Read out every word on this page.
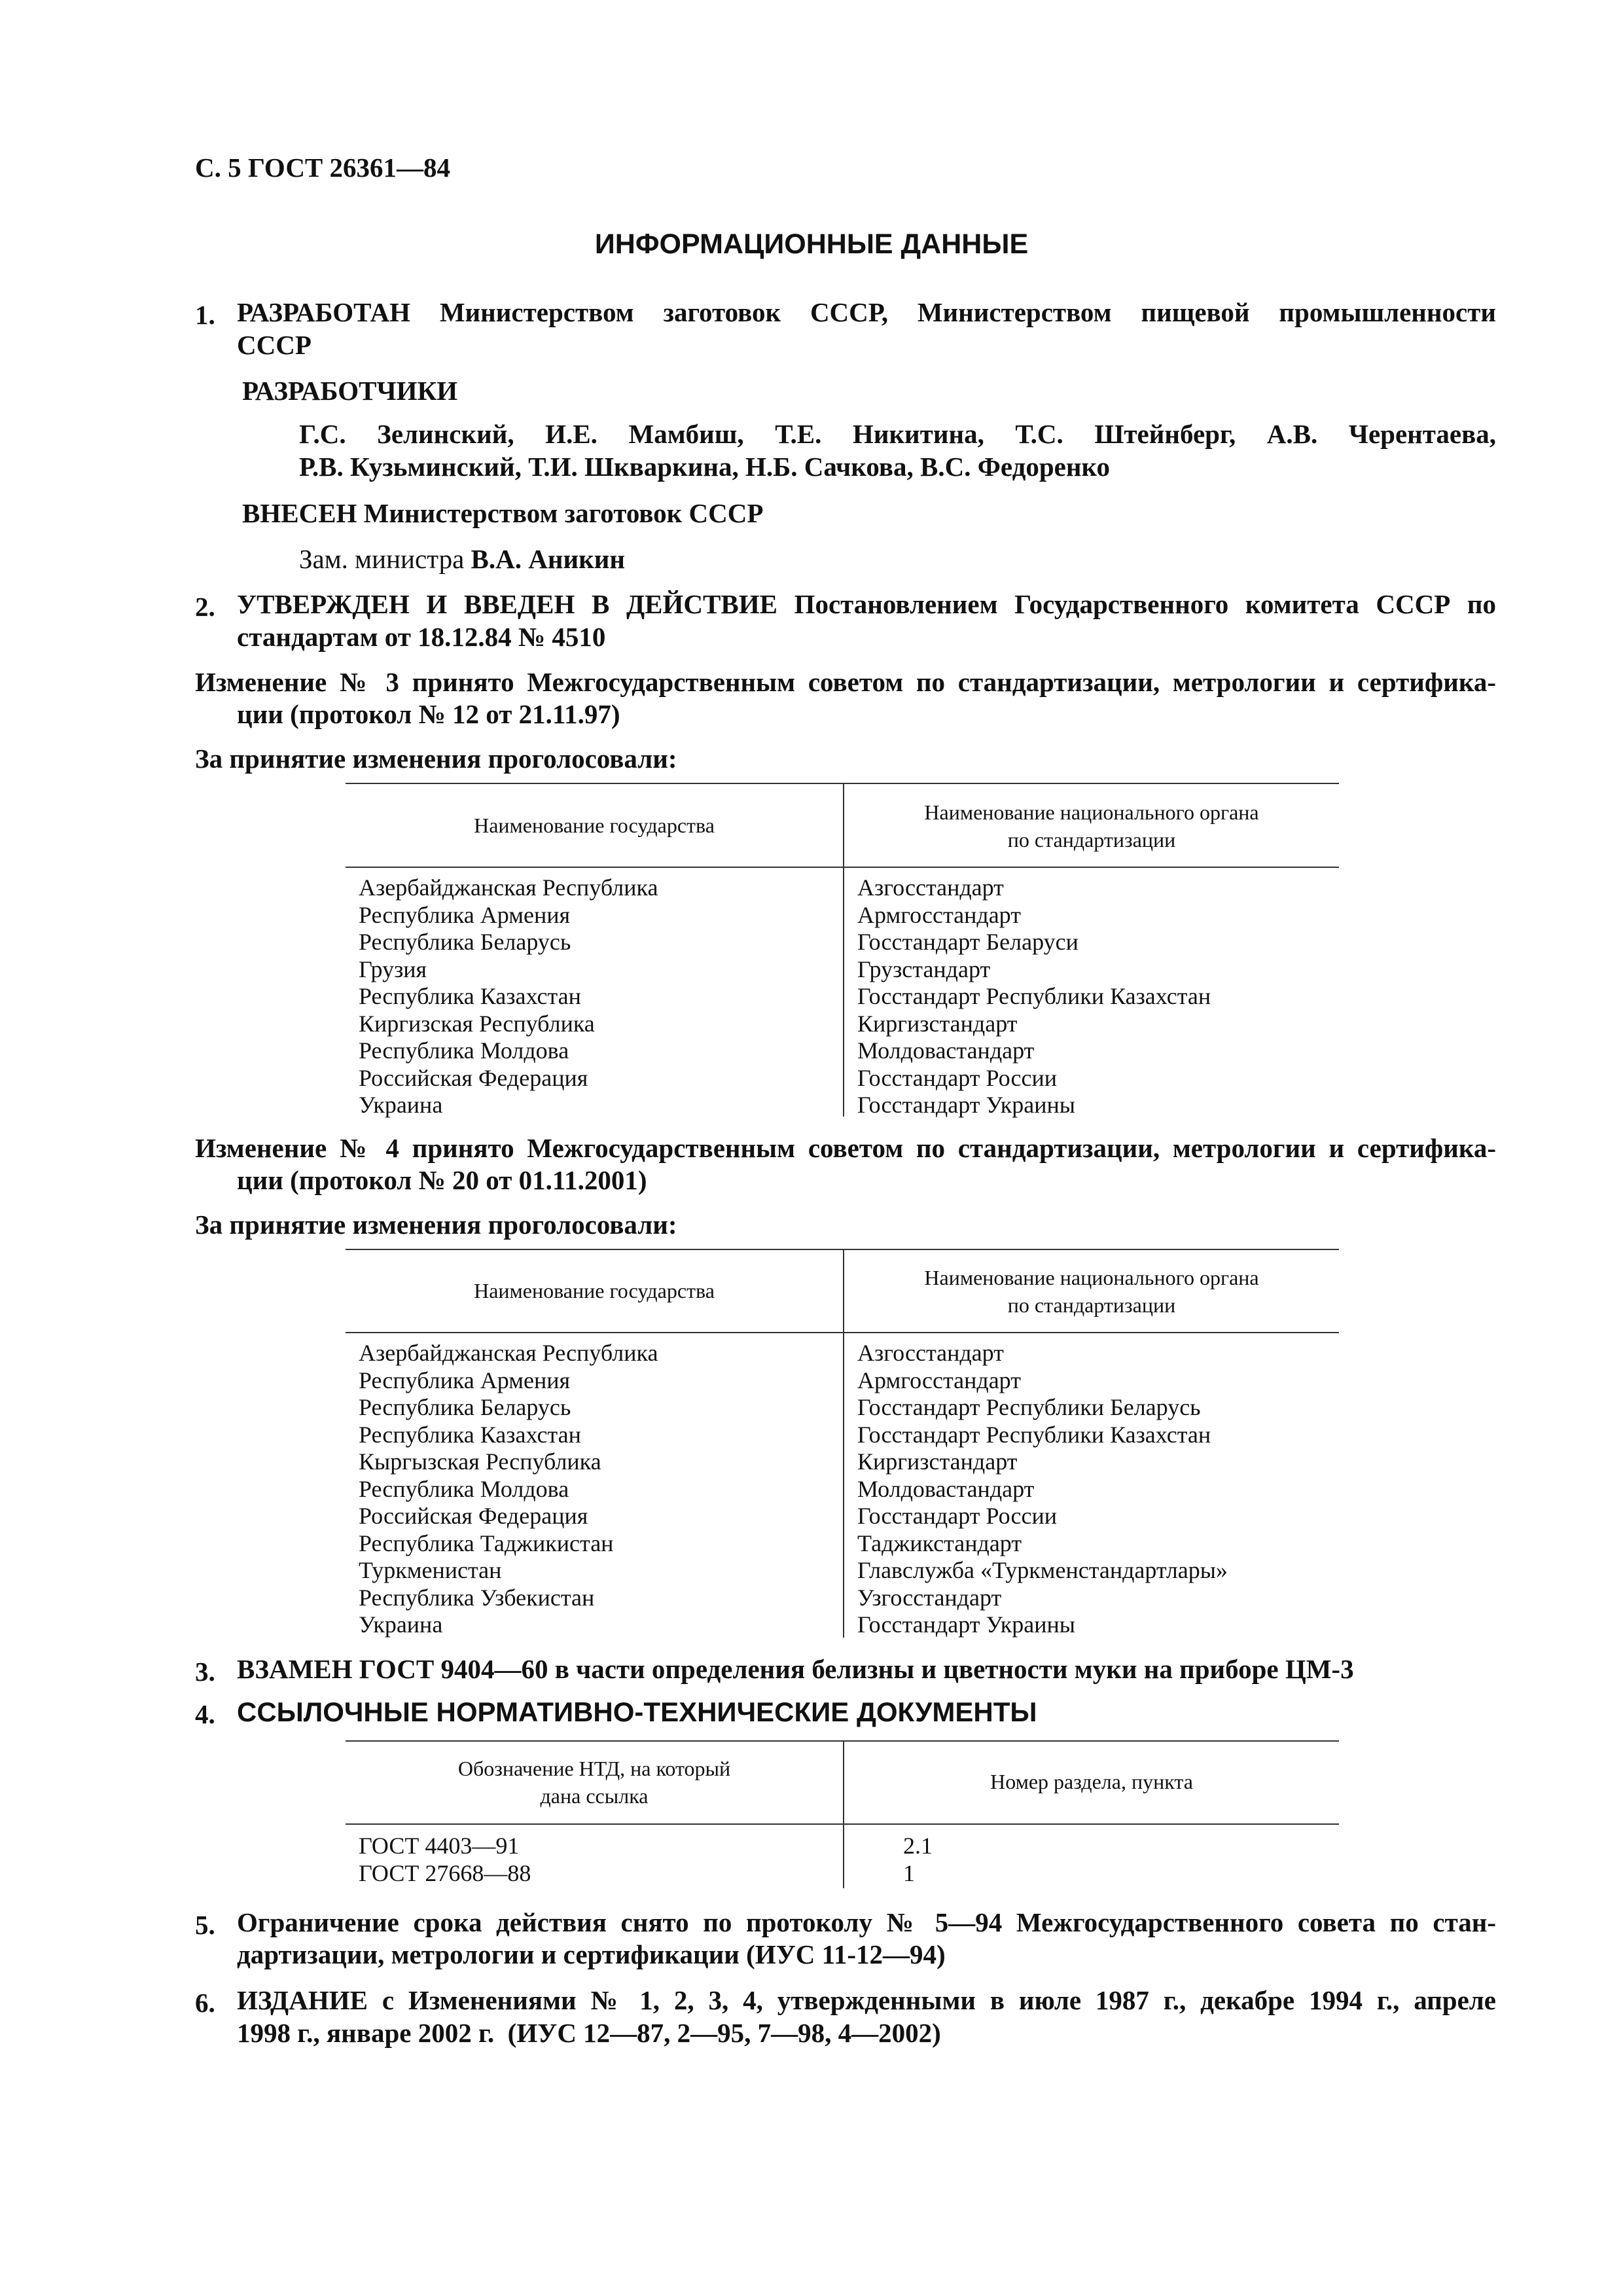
С. 5 ГОСТ 26361—84
ИНФОРМАЦИОННЫЕ ДАННЫЕ
1. РАЗРАБОТАН Министерством заготовок СССР, Министерством пищевой промышленности
СССР
РАЗРАБОТЧИКИ
Г.С. Зелинский, И.Е. Мамбиш, Т.Е. Никитина, Т.С. Штейнберг, А.В. Черентаева,
Р.В. Кузьминский, Т.И. Шкваркина, Н.Б. Сачкова, В.С. Федоренко
ВНЕСЕН Министерством заготовок СССР
Зам. министра В.А. Аникин
2. УТВЕРЖДЕН И ВВЕДЕН В ДЕЙСТВИЕ Постановлением Государственного комитета СССР по
стандартам от 18.12.84 № 4510
Изменение № 3 принято Межгосударственным советом по стандартизации, метрологии и сертифика-
ции (протокол № 12 от 21.11.97)
За принятие изменения проголосовали:
Наименование государства
Наименование национального органа
по стандартизации
Азербайджанская Республика
Республика Армения
Республика Беларусь
Грузия
Республика Казахстан
Киргизская Республика
Республика Молдова
Российская Федерация
Украина
Азгосстандарт
Армгосстандарт
Госстандарт Беларуси
Грузстандарт
Госстандарт Республики Казахстан
Киргизстандарт
Молдовастандарт
Госстандарт России
Госстандарт Украины
Изменение № 4 принято Межгосударственным советом по стандартизации, метрологии и сертифика-
ции (протокол № 20 от 01.11.2001)
За принятие изменения проголосовали:
Наименование государства
Наименование национального органа
по стандартизации
Азербайджанская Республика
Республика Армения
Республика Беларусь
Республика Казахстан
Кыргызская Республика
Республика Молдова
Российская Федерация
Республика Таджикистан
Туркменистан
Республика Узбекистан
Украина
Азгосстандарт
Армгосстандарт
Госстандарт Республики Беларусь
Госстандарт Республики Казахстан
Киргизстандарт
Молдовастандарт
Госстандарт России
Таджикстандарт
Главслужба «Туркменстандартлары»
Узгосстандарт
Госстандарт Украины
3. ВЗАМЕН ГОСТ 9404—60 в части определения белизны и цветности муки на приборе ЦМ-3
4. ССЫЛОЧНЫЕ НОРМАТИВНО-ТЕХНИЧЕСКИЕ ДОКУМЕНТЫ
Обозначение НТД, на который
дана ссылка
Номер раздела, пункта
ГОСТ 4403—91
ГОСТ 27668—88
2.1
1
5. Ограничение срока действия снято по протоколу № 5—94 Межгосударственного совета по стан-
дартизации, метрологии и сертификации (ИУС 11-12—94)
6. ИЗДАНИЕ с Изменениями № 1, 2, 3, 4, утвержденными в июле 1987 г., декабре 1994 г., апреле
1998 г., январе 2002 г.  (ИУС 12—87, 2—95, 7—98, 4—2002)
